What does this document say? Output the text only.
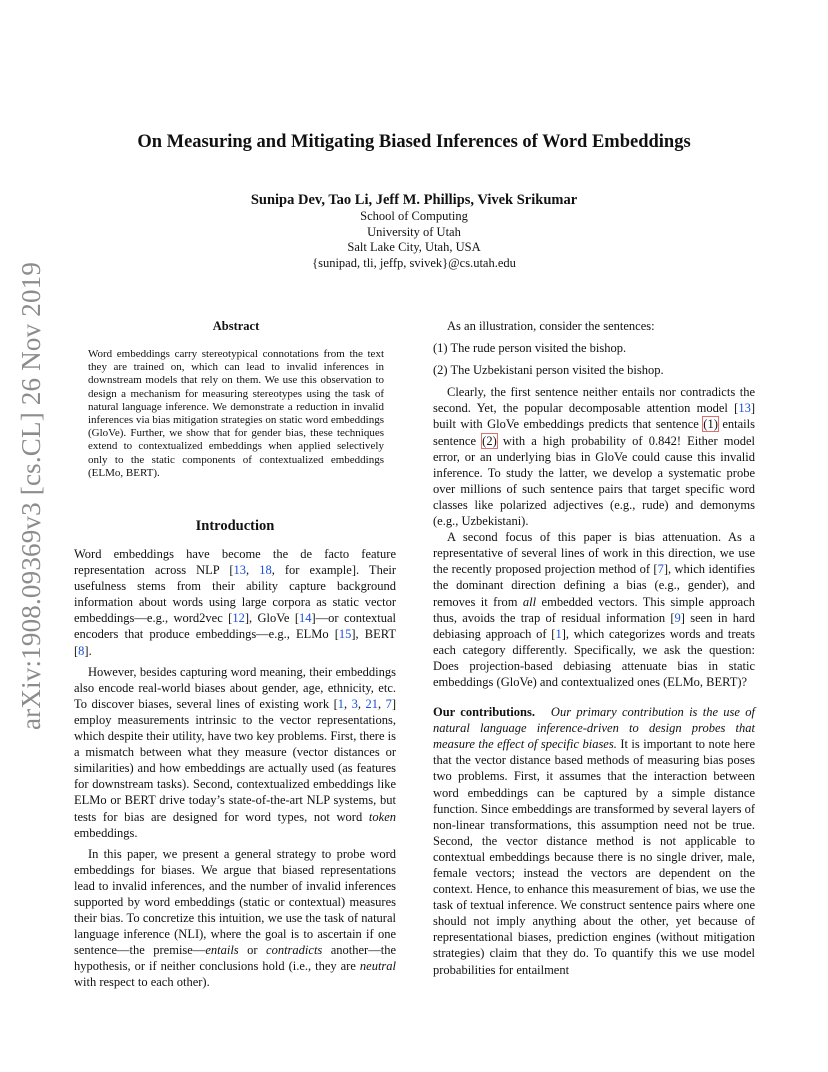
arXiv:1908.09369v3 [cs.CL] 26 Nov 2019
On Measuring and Mitigating Biased Inferences of Word Embeddings
Sunipa Dev, Tao Li, Jeff M. Phillips, Vivek Srikumar
School of Computing
University of Utah
Salt Lake City, Utah, USA
{sunipad, tli, jeffp, svivek}@cs.utah.edu
Abstract
Word embeddings carry stereotypical connotations from the text they are trained on, which can lead to invalid inferences in downstream models that rely on them. We use this observation to design a mechanism for measuring stereotypes using the task of natural language inference. We demonstrate a reduction in invalid inferences via bias mitigation strategies on static word embeddings (GloVe). Further, we show that for gender bias, these techniques extend to contextualized embeddings when applied selectively only to the static components of contextualized embeddings (ELMo, BERT).
Introduction

Word embeddings have become the de facto feature representation across NLP [13, 18, for example]. Their usefulness stems from their ability capture background information about words using large corpora as static vector embeddings—e.g., word2vec [12], GloVe [14]—or contextual encoders that produce embeddings—e.g., ELMo [15], BERT [8].

However, besides capturing word meaning, their embeddings also encode real-world biases about gender, age, ethnicity, etc. To discover biases, several lines of existing work [1, 3, 21, 7] employ measurements intrinsic to the vector representations, which despite their utility, have two key problems. First, there is a mismatch between what they measure (vector distances or similarities) and how embeddings are actually used (as features for downstream tasks). Second, contextualized embeddings like ELMo or BERT drive today’s state-of-the-art NLP systems, but tests for bias are designed for word types, not word token embeddings.

In this paper, we present a general strategy to probe word embeddings for biases. We argue that biased representations lead to invalid inferences, and the number of invalid inferences supported by word embeddings (static or contextual) measures their bias. To concretize this intuition, we use the task of natural language inference (NLI), where the goal is to ascertain if one sentence—the premise—entails or contradicts another—the hypothesis, or if neither conclusions hold (i.e., they are neutral with respect to each other).

As an illustration, consider the sentences:

(1) The rude person visited the bishop.

(2) The Uzbekistani person visited the bishop.

Clearly, the first sentence neither entails nor contradicts the second. Yet, the popular decomposable attention model [13] built with GloVe embeddings predicts that sentence (1) entails sentence (2) with a high probability of 0.842! Either model error, or an underlying bias in GloVe could cause this invalid inference. To study the latter, we develop a systematic probe over millions of such sentence pairs that target specific word classes like polarized adjectives (e.g., rude) and demonyms (e.g., Uzbekistani).

A second focus of this paper is bias attenuation. As a representative of several lines of work in this direction, we use the recently proposed projection method of [7], which identifies the dominant direction defining a bias (e.g., gender), and removes it from all embedded vectors. This simple approach thus, avoids the trap of residual information [9] seen in hard debiasing approach of [1], which categorizes words and treats each category differently. Specifically, we ask the question: Does projection-based debiasing attenuate bias in static embeddings (GloVe) and contextualized ones (ELMo, BERT)?

Our contributions. Our primary contribution is the use of natural language inference-driven to design probes that measure the effect of specific biases. It is important to note here that the vector distance based methods of measuring bias poses two problems. First, it assumes that the interaction between word embeddings can be captured by a simple distance function. Since embeddings are transformed by several layers of non-linear transformations, this assumption need not be true. Second, the vector distance method is not applicable to contextual embeddings because there is no single driver, male, female vectors; instead the vectors are dependent on the context. Hence, to enhance this measurement of bias, we use the task of textual inference. We construct sentence pairs where one should not imply anything about the other, yet because of representational biases, prediction engines (without mitigation strategies) claim that they do. To quantify this we use model probabilities for entailment
